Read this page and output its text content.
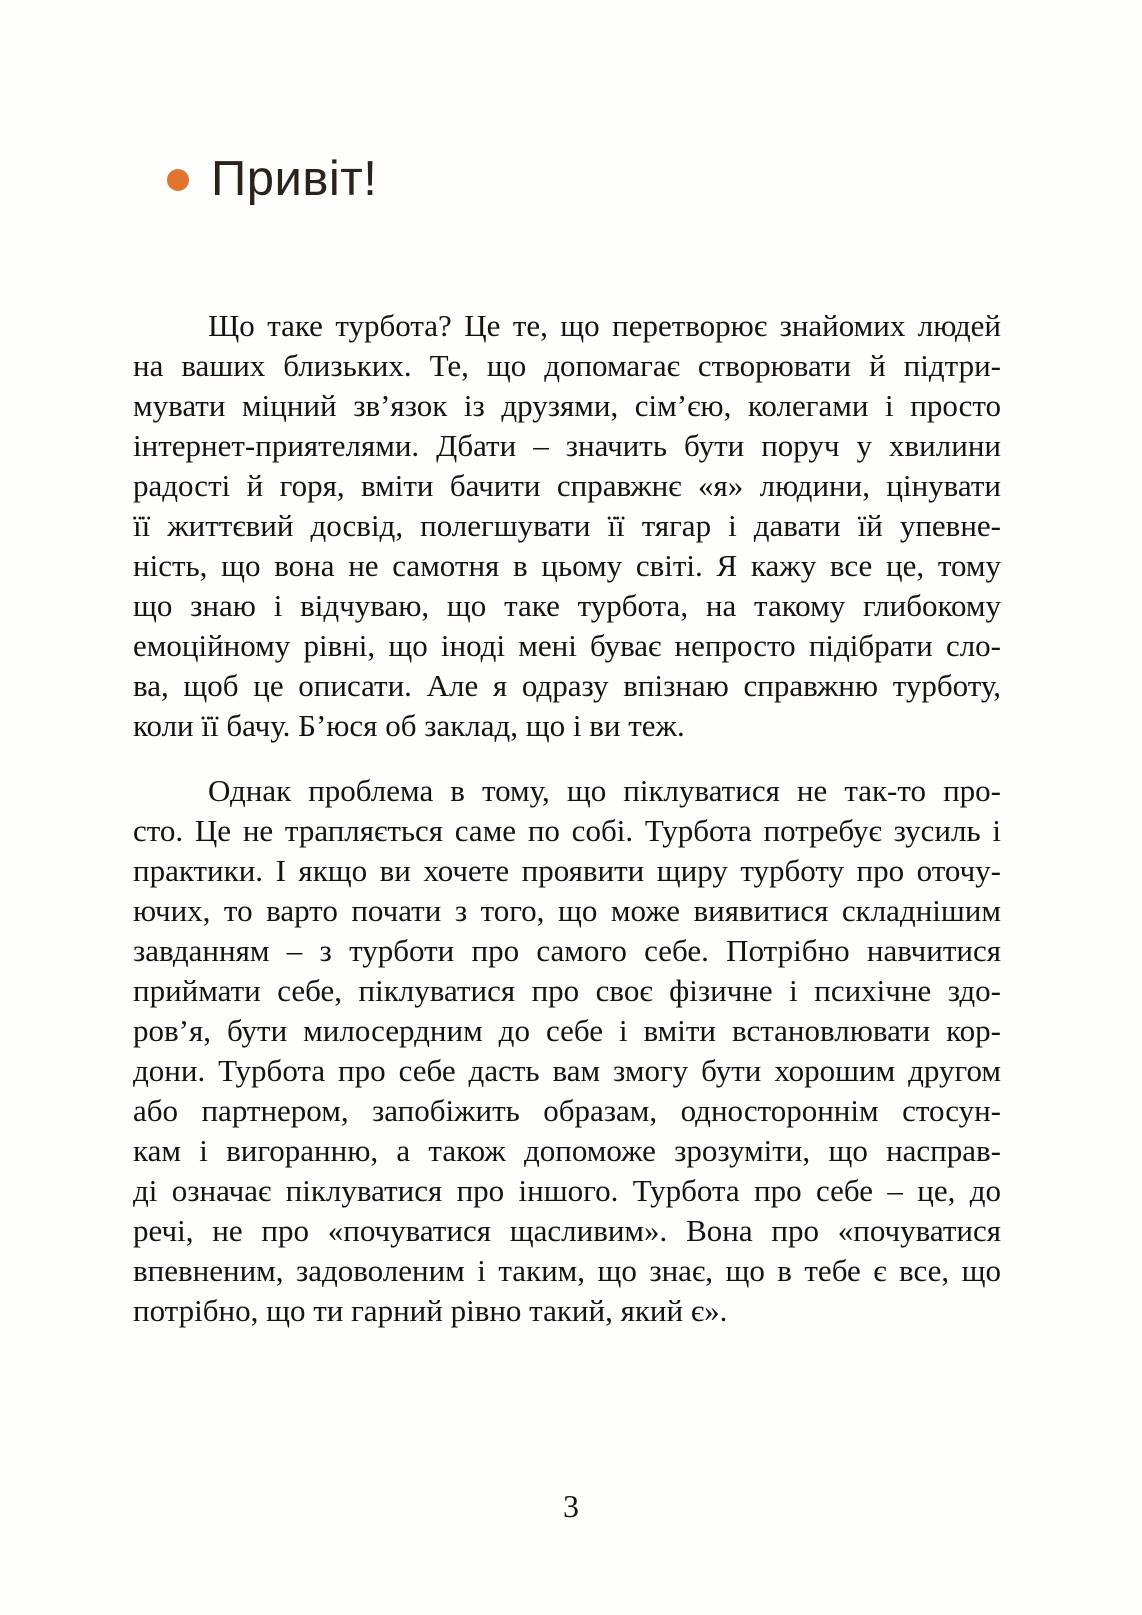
Привіт!
Що таке турбота? Це те, що перетворює знайомих людей
на ваших близьких. Те, що допомагає створювати й підтри-
мувати міцний зв’язок із друзями, сім’єю, колегами і просто
інтернет-приятелями. Дбати – значить бути поруч у хвилини
радості й горя, вміти бачити справжнє «я» людини, цінувати
її життєвий досвід, полегшувати її тягар і давати їй упевне-
ність, що вона не самотня в цьому світі. Я кажу все це, тому
що знаю і відчуваю, що таке турбота, на такому глибокому
емоційному рівні, що іноді мені буває непросто підібрати сло-
ва, щоб це описати. Але я одразу впізнаю справжню турботу,
коли її бачу. Б’юся об заклад, що і ви теж.
Однак проблема в тому, що піклуватися не так-то про-
сто. Це не трапляється саме по собі. Турбота потребує зусиль і
практики. І якщо ви хочете проявити щиру турботу про оточу-
ючих, то варто почати з того, що може виявитися складнішим
завданням – з турботи про самого себе. Потрібно навчитися
приймати себе, піклуватися про своє фізичне і психічне здо-
ров’я, бути милосердним до себе і вміти встановлювати кор-
дони. Турбота про себе дасть вам змогу бути хорошим другом
або партнером, запобіжить образам, одностороннім стосун-
кам і вигоранню, а також допоможе зрозуміти, що насправ-
ді означає піклуватися про іншого. Турбота про себе – це, до
речі, не про «почуватися щасливим». Вона про «почуватися
впевненим, задоволеним і таким, що знає, що в тебе є все, що
потрібно, що ти гарний рівно такий, який є».
3
